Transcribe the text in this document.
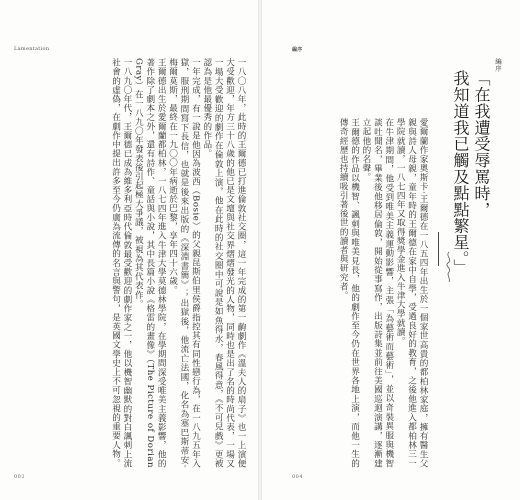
Lamentation
一八〇八年，此時的王爾德已打進倫敦社交圈，這一年完成的第一齣劇作《溫夫人的扇子》也一上演便大受歡迎，年方三十八歲的他已是文壇與社交界熠熠發光的人物，同時也是出了名的時尚代表，一場又一場大受歡迎的劇作在倫敦上演，他在此時的社交圈中可說是如魚得水，春風得意，《不可兒戲》更被認為是他最優秀的作品。
一年完成，有一說是他因為波西（Bosie）的父親昆斯伯里侯爵指控其有同性戀行為，在一八九五年入獄，服刑期間寫下長信，也就是後來出版的《深淵書簡》；出獄後，他流亡法國，化名為塞巴斯蒂安‧梅爾莫斯，最終在一九〇〇年病逝於巴黎，享年四十六歲。
王爾德出生於愛爾蘭都柏林，一八七四年進入牛津大學莫德林學院，在學期間深受唯美主義影響，他的著作除了劇本之外，還有詩作、童話與小說，其中長篇小說《格雷的畫像》（The Picture of Dorian Gray）在一八九〇年發表後引起極大爭議，被視為其代表作。
一八九〇年代，王爾德已成為維多利亞時代倫敦最受歡迎的劇作家之一，他以機智幽默的對白諷刺上流社會的虛偽，在劇作中提出許多至今仍廣為流傳的名言與警句，是英國文學史上不可忽視的重要人物。
002
編序
編序
「在我遭受辱罵時，
我知道我已觸及點點繁星。」
愛爾蘭作家奧斯卡‧王爾德在一八五四年出生於一個家世高貴的都柏林家庭，擁有醫生父親與詩人母親，童年時的王爾德在家中自學，受過良好的教育，之後他進入都柏林三一學院就讀，一八七四年又取得獎學金進入牛津大學就讀。
在牛津期間，他受到唯美主義運動影響，主張「為藝術而藝術」，並以奇裝異服與機智談吐聞名，畢業後他移居倫敦，開始從事寫作，出版詩集並前往美國巡迴演講，逐漸建立起他的名聲。
王爾德的作品以機智、諷刺與唯美見長，他的劇作至今仍在世界各地上演，而他一生的傳奇經歷也持續吸引著後世的讀者與研究者。
004
